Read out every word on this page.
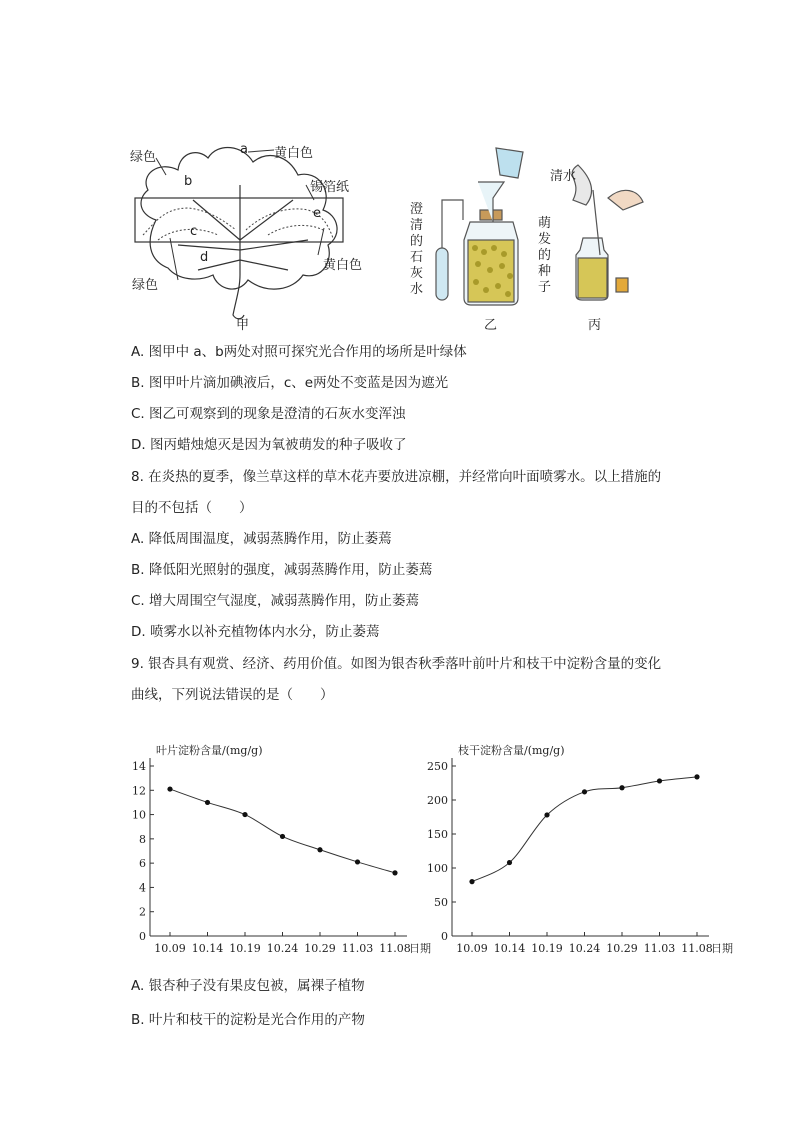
绿色
a 黄白色
锡箔纸
b
e
c
d
黄白色
绿色
甲
清水
澄清的石灰水
萌发的种子
乙	丙
A. 图甲中 a、b两处对照可探究光合作用的场所是叶绿体
B. 图甲叶片滴加碘液后，c、e两处不变蓝是因为遮光
C. 图乙可观察到的现象是澄清的石灰水变浑浊
D. 图丙蜡烛熄灭是因为氧被萌发的种子吸收了
8. 在炎热的夏季，像兰草这样的草木花卉要放进凉棚，并经常向叶面喷雾水。以上措施的
目的不包括（　　）
A. 降低周围温度，减弱蒸腾作用，防止萎蔫
B. 降低阳光照射的强度，减弱蒸腾作用，防止萎蔫
C. 增大周围空气湿度，减弱蒸腾作用，防止萎蔫
D. 喷雾水以补充植物体内水分，防止萎蔫
9. 银杏具有观赏、经济、药用价值。如图为银杏秋季落叶前叶片和枝干中淀粉含量的变化
曲线，下列说法错误的是（　　）
0
2
4
6
8
10
12
14
10.09 10.14 10.19 10.24 10.29 11.03 11.08
叶片淀粉含量/(mg/g)
日期
0
50
100
150
200
250
10.09 10.14 10.19 10.24 10.29 11.03 11.08
枝干淀粉含量/(mg/g)
日期
A. 银杏种子没有果皮包被，属裸子植物
B. 叶片和枝干的淀粉是光合作用的产物
